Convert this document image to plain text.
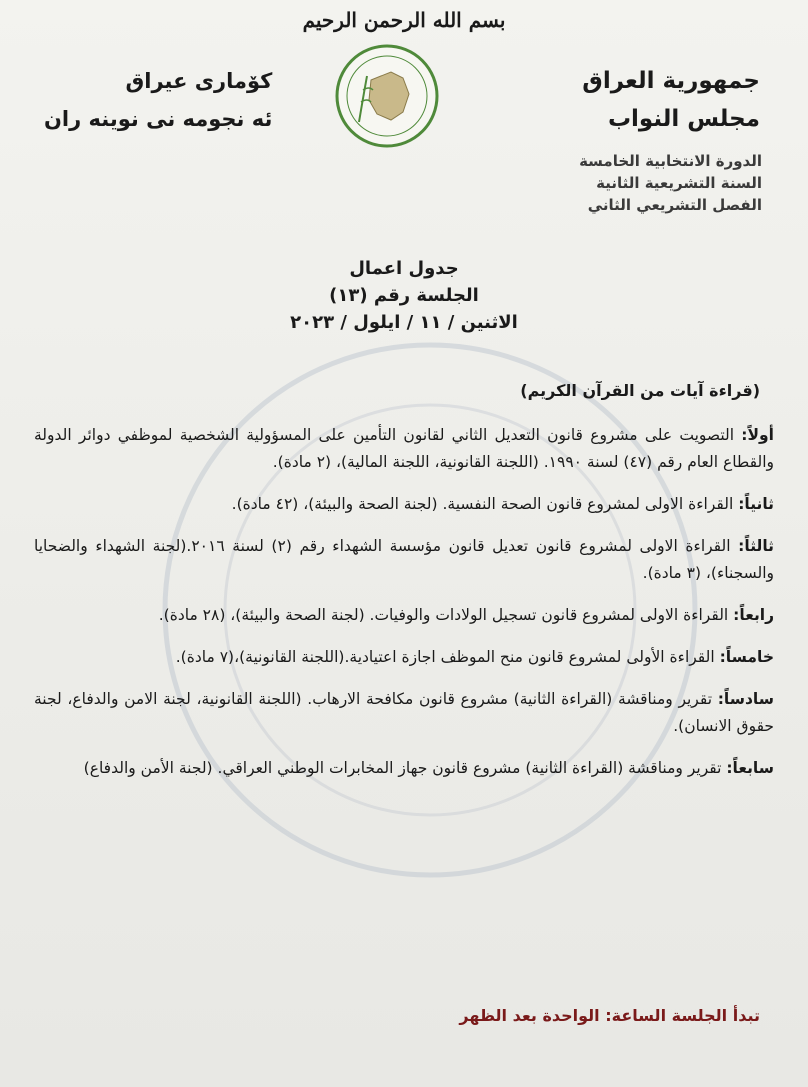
بسم الله الرحمن الرحيم
جمهورية العراق
مجلس النواب
كۆمارى عيراق
ئه نجومه نى نوينه ران
الدورة الانتخابية الخامسة
السنة التشريعية الثانية
الفصل التشريعي الثاني
جدول اعمال
الجلسة رقم (١٣)
الاثنين / ١١ / ايلول / ٢٠٢٣
(قراءة آيات من القرآن الكريم)
أولاً: التصويت على مشروع قانون التعديل الثاني لقانون التأمين على المسؤولية الشخصية لموظفي دوائر الدولة والقطاع العام رقم (٤٧) لسنة ١٩٩٠. (اللجنة القانونية، اللجنة المالية)، (٢ مادة).
ثانياً: القراءة الاولى لمشروع قانون الصحة النفسية. (لجنة الصحة والبيئة)، (٤٢ مادة).
ثالثاً: القراءة الاولى لمشروع قانون تعديل قانون مؤسسة الشهداء رقم (٢) لسنة ٢٠١٦.(لجنة الشهداء والضحايا والسجناء)، (٣ مادة).
رابعاً: القراءة الاولى لمشروع قانون تسجيل الولادات والوفيات. (لجنة الصحة والبيئة)، (٢٨ مادة).
خامساً: القراءة الأولى لمشروع قانون منح الموظف اجازة اعتيادية.(اللجنة القانونية)،(٧ مادة).
سادساً: تقرير ومناقشة (القراءة الثانية) مشروع قانون مكافحة الارهاب. (اللجنة القانونية، لجنة الامن والدفاع، لجنة حقوق الانسان).
سابعاً: تقرير ومناقشة (القراءة الثانية) مشروع قانون جهاز المخابرات الوطني العراقي. (لجنة الأمن والدفاع)
تبدأ الجلسة الساعة: الواحدة بعد الظهر
